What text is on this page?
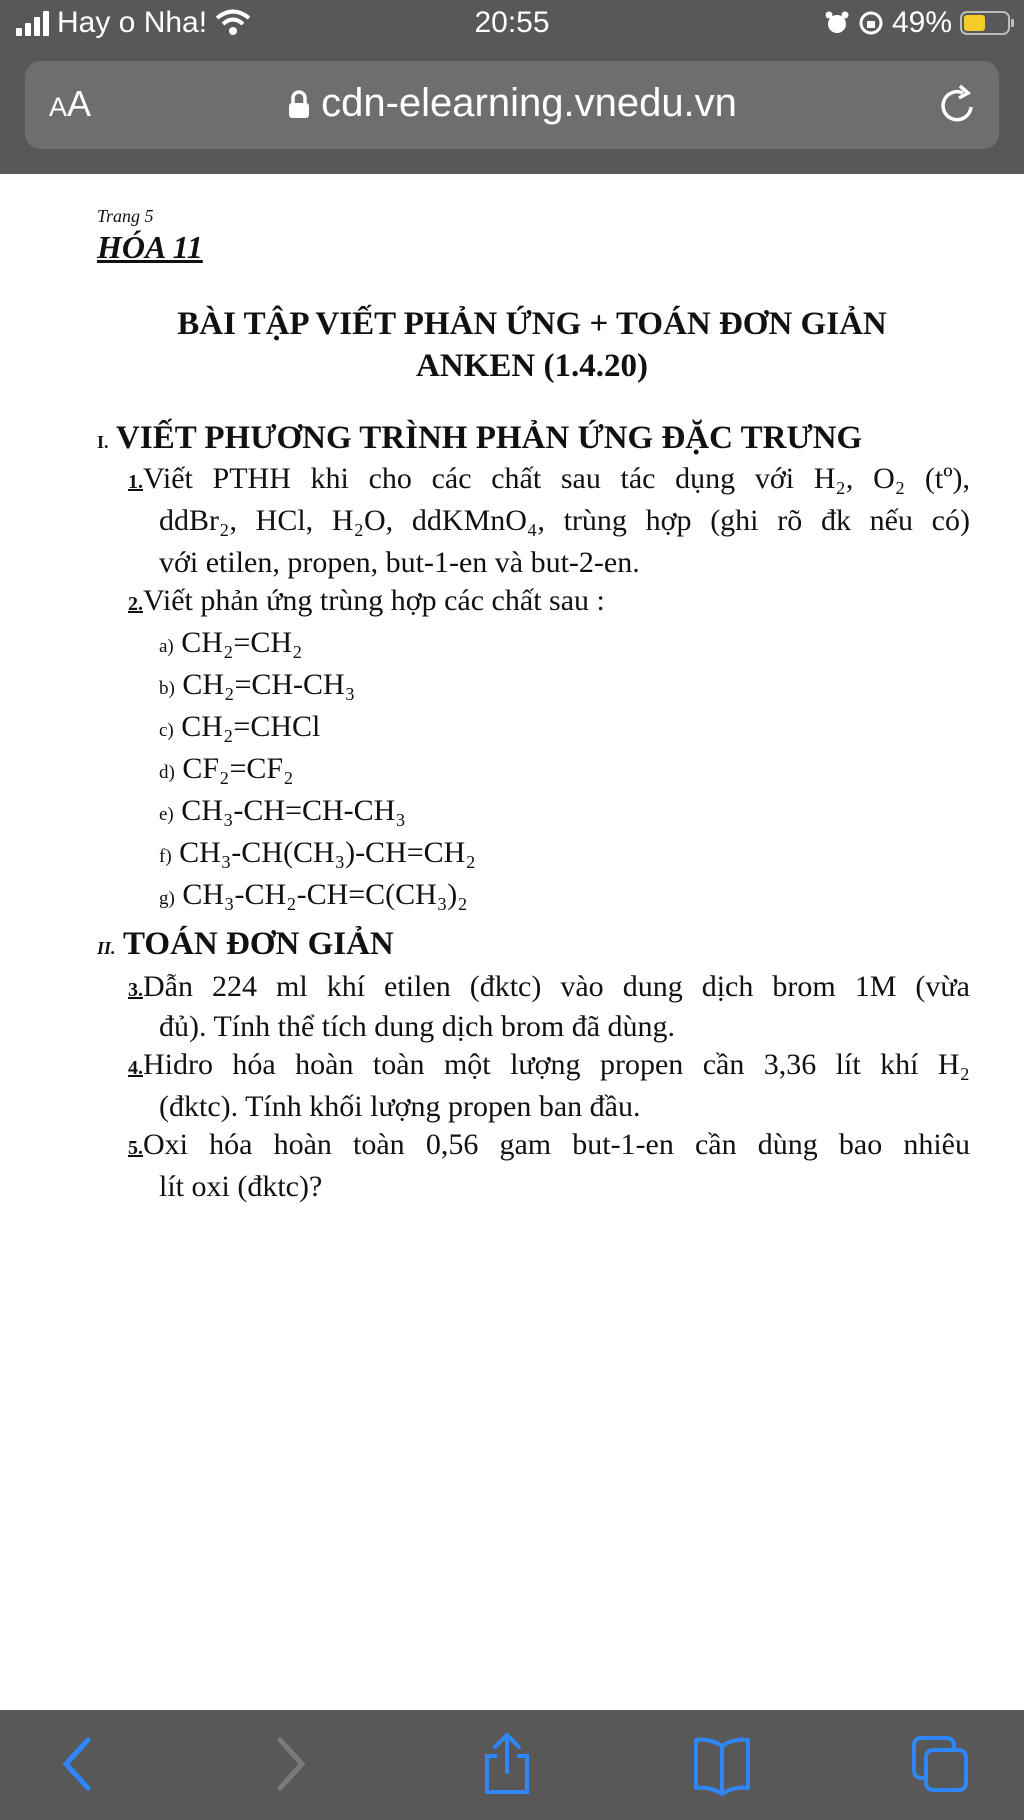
Hay o Nha!	20:55	49%
AA	cdn-elearning.vnedu.vn
Trang 5
HÓA 11
BÀI TẬP VIẾT PHẢN ỨNG + TOÁN ĐƠN GIẢN
ANKEN (1.4.20)
I. VIẾT PHƯƠNG TRÌNH PHẢN ỨNG ĐẶC TRƯNG
1.Viết PTHH khi cho các chất sau tác dụng với H₂, O₂ (tº),
ddBr₂, HCl, H₂O, ddKMnO₄, trùng hợp (ghi rõ đk nếu có)
với etilen, propen, but-1-en và but-2-en.
2.Viết phản ứng trùng hợp các chất sau :
a) CH₂=CH₂
b) CH₂=CH-CH₃
c) CH₂=CHCl
d) CF₂=CF₂
e) CH₃-CH=CH-CH₃
f) CH₃-CH(CH₃)-CH=CH₂
g) CH₃-CH₂-CH=C(CH₃)₂
II. TOÁN ĐƠN GIẢN
3.Dẫn 224 ml khí etilen (đktc) vào dung dịch brom 1M (vừa
đủ). Tính thể tích dung dịch brom đã dùng.
4.Hidro hóa hoàn toàn một lượng propen cần 3,36 lít khí H₂
(đktc). Tính khối lượng propen ban đầu.
5.Oxi hóa hoàn toàn 0,56 gam but-1-en cần dùng bao nhiêu
lít oxi (đktc)?
